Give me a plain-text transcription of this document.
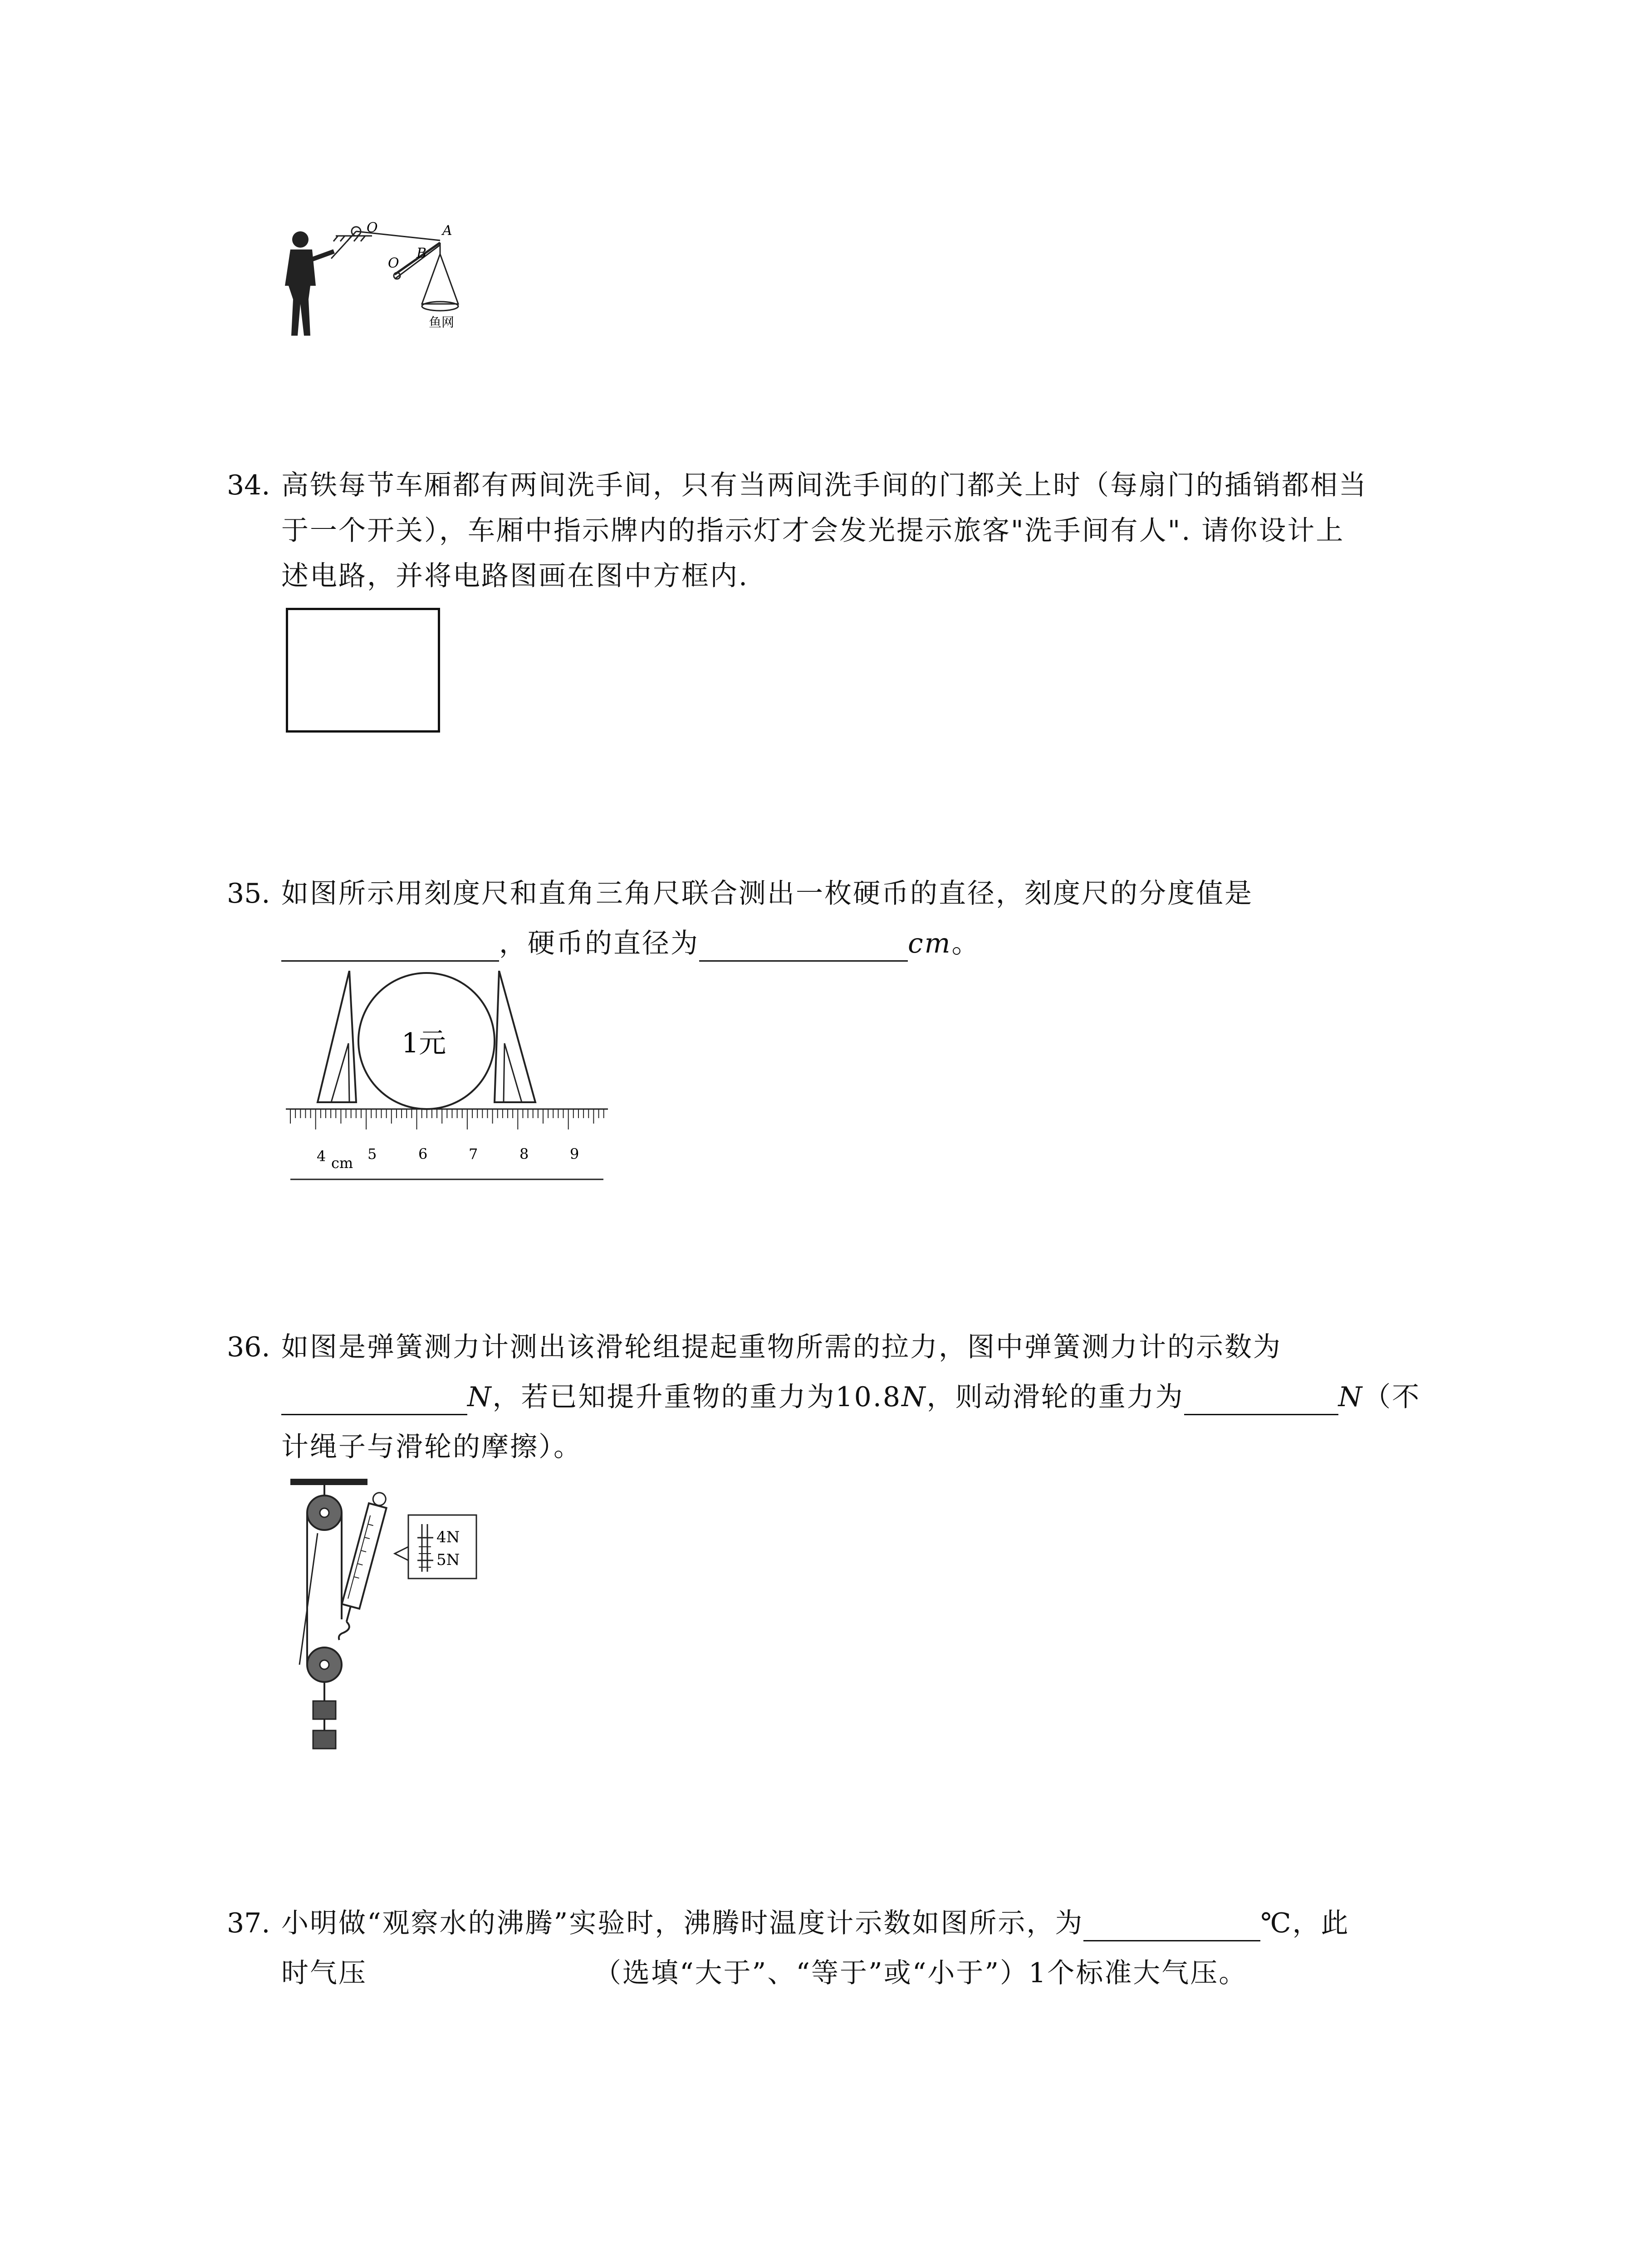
O
B
A
O
鱼网
34. 高铁每节车厢都有两间洗手间，只有当两间洗手间的门都关上时（每扇门的插销都相当
于一个开关），车厢中指示牌内的指示灯才会发光提示旅客"洗手间有人". 请你设计上
述电路，并将电路图画在图中方框内.
35. 如图所示用刻度尺和直角三角尺联合测出一枚硬币的直径，刻度尺的分度值是
，硬币的直径为	cm。
1元
4	5	6	7	8	9
cm
36. 如图是弹簧测力计测出该滑轮组提起重物所需的拉力，图中弹簧测力计的示数为
N，若已知提升重物的重力为10.8N，则动滑轮的重力为	N（不
计绳子与滑轮的摩擦）。
4N
5N
37. 小明做“观察水的沸腾”实验时，沸腾时温度计示数如图所示，为	℃，此
时气压	（选填“大于”、“等于”或“小于”）1个标准大气压。
